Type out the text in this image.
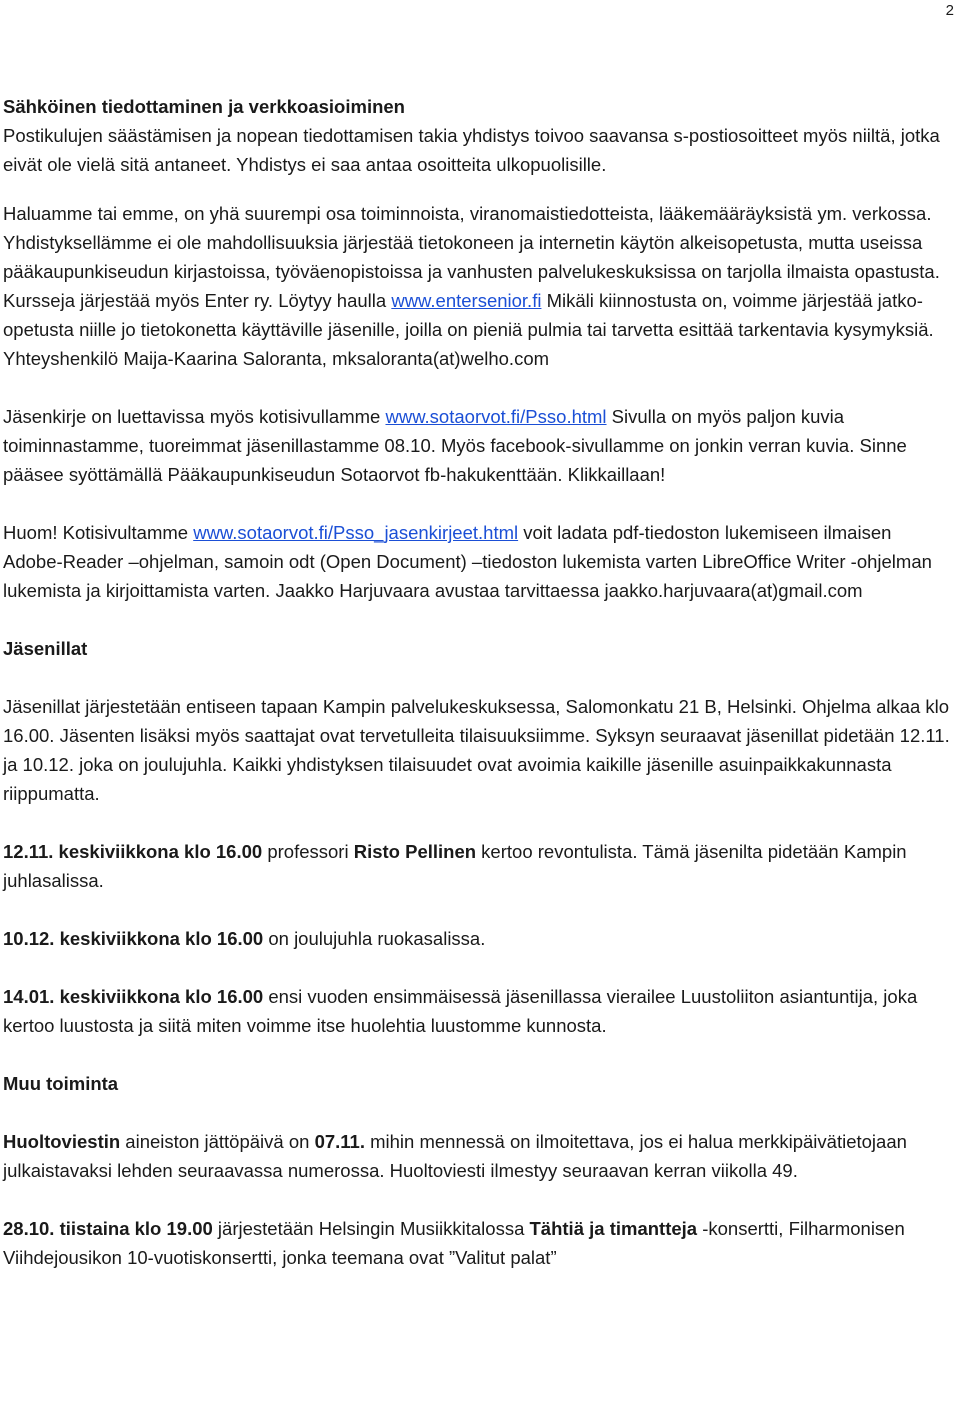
2

Sähköinen tiedottaminen ja verkkoasioiminen

Postikulujen säästämisen ja nopean tiedottamisen takia yhdistys toivoo saavansa s-postiosoitteet myös niiltä, jotka eivät ole vielä sitä antaneet. Yhdistys ei saa antaa osoitteita ulkopuolisille.

Haluamme tai emme, on yhä suurempi osa toiminnoista, viranomaistiedotteista, lääkemääräyksistä ym. verkossa. Yhdistyksellämme ei ole mahdollisuuksia järjestää tietokoneen ja internetin käytön alkeisopetusta, mutta useissa pääkaupunkiseudun kirjastoissa, työväenopistoissa ja vanhusten palvelukeskuksissa on tarjolla ilmaista opastusta. Kursseja järjestää myös Enter ry. Löytyy haulla www.entersenior.fi Mikäli kiinnostusta on, voimme järjestää jatko-opetusta niille jo tietokonetta käyttäville jäsenille, joilla on pieniä pulmia tai tarvetta esittää tarkentavia kysymyksiä. Yhteyshenkilö Maija-Kaarina Saloranta, mksaloranta(at)welho.com

Jäsenkirje on luettavissa myös kotisivullamme www.sotaorvot.fi/Psso.html Sivulla on myös paljon kuvia toiminnastamme, tuoreimmat jäsenillastamme 08.10. Myös facebook-sivullamme on jonkin verran kuvia. Sinne pääsee syöttämällä Pääkaupunkiseudun Sotaorvot fb-hakukenttään. Klikkaillaan!

Huom! Kotisivultamme www.sotaorvot.fi/Psso_jasenkirjeet.html voit ladata pdf-tiedoston lukemiseen ilmaisen Adobe-Reader –ohjelman, samoin odt (Open Document) –tiedoston lukemista varten LibreOffice Writer -ohjelman lukemista ja kirjoittamista varten. Jaakko Harjuvaara avustaa tarvittaessa jaakko.harjuvaara(at)gmail.com

Jäsenillat

Jäsenillat järjestetään entiseen tapaan Kampin palvelukeskuksessa, Salomonkatu 21 B, Helsinki. Ohjelma alkaa klo 16.00. Jäsenten lisäksi myös saattajat ovat tervetulleita tilaisuuksiimme. Syksyn seuraavat jäsenillat pidetään 12.11. ja 10.12. joka on joulujuhla. Kaikki yhdistyksen tilaisuudet ovat avoimia kaikille jäsenille asuinpaikkakunnasta riippumatta.

12.11. keskiviikkona klo 16.00 professori Risto Pellinen kertoo revontulista. Tämä jäsenilta pidetään Kampin juhlasalissa.

10.12. keskiviikkona klo 16.00 on joulujuhla ruokasalissa.

14.01. keskiviikkona klo 16.00 ensi vuoden ensimmäisessä jäsenillassa vierailee Luustoliiton asiantuntija, joka kertoo luustosta ja siitä miten voimme itse huolehtia luustomme kunnosta.

Muu toiminta

Huoltoviestin aineiston jättöpäivä on 07.11. mihin mennessä on ilmoitettava, jos ei halua merkkipäivätietojaan julkaistavaksi lehden seuraavassa numerossa. Huoltoviesti ilmestyy seuraavan kerran viikolla 49.

28.10. tiistaina klo 19.00 järjestetään Helsingin Musiikkitalossa Tähtiä ja timantteja -konsertti, Filharmonisen Viihdejousikon 10-vuotiskonsertti, jonka teemana ovat ”Valitut palat”
